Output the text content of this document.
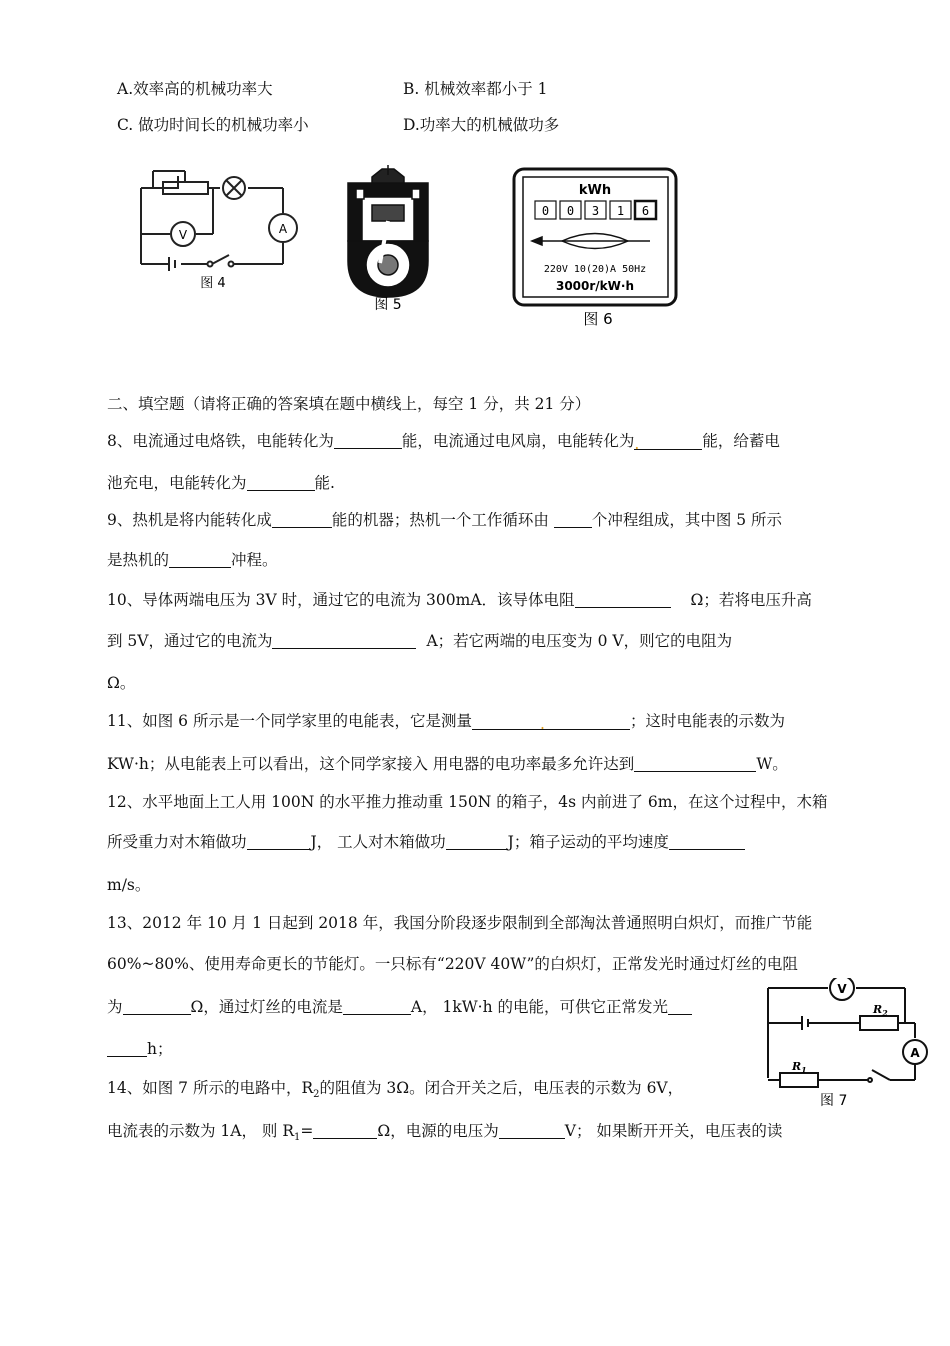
A.效率高的机械功率大	B. 机械效率都小于 1
C. 做功时间长的机械功率小	D.功率大的机械做功多
V	A
图 4
图 5
kWh
0 0 3 1 6
220V 10(20)A 50Hz
3000r/kW·h
图 6
二、填空题（请将正确的答案填在题中横线上，每空 1 分，共 21 分）
8、电流通过电烙铁，电能转化为	能，电流通过电风扇，电能转化为.	能，给蓄电
池充电，电能转化为	能.
9、热机是将内能转化成	能的机器；热机一个工作循环由 个冲程组成，其中图 5 所示
是热机的	冲程。
10、导体两端电压为 3V 时，通过它的电流为 300mA．该导体电阻	Ω；若将电压升高
到 5V，通过它的电流为	A；若它两端的电压变为 0 V，则它的电阻为
Ω。
11、如图 6 所示是一个同学家里的电能表，它是测量	.	；这时电能表的示数为
KW·h；从电能表上可以看出，这个同学家接入 用电器的电功率最多允许达到	W。
12、水平地面上工人用 100N 的水平推力推动重 150N 的箱子，4s 内前进了 6m，在这个过程中，木箱
所受重力对木箱做功	J， 工人对木箱做功	J；箱子运动的平均速度
m/s。
13、2012 年 10 月 1 日起到 2018 年，我国分阶段逐步限制到全部淘汰普通照明白炽灯，而推广节能
60%~80%、使用寿命更长的节能灯。一只标有“220V 40W”的白炽灯，正常发光时通过灯丝的电阻
为	Ω，通过灯丝的电流是	A， 1kW·h 的电能，可供它正常发光
h；
V
A
$R_2$
$R_1$
图 7
14、如图 7 所示的电路中，$R_2$的阻值为 3Ω。闭合开关之后，电压表的示数为 6V，
电流表的示数为 1A， 则 $R_1=$	Ω，电源的电压为	V； 如果断开开关，电压表的读
